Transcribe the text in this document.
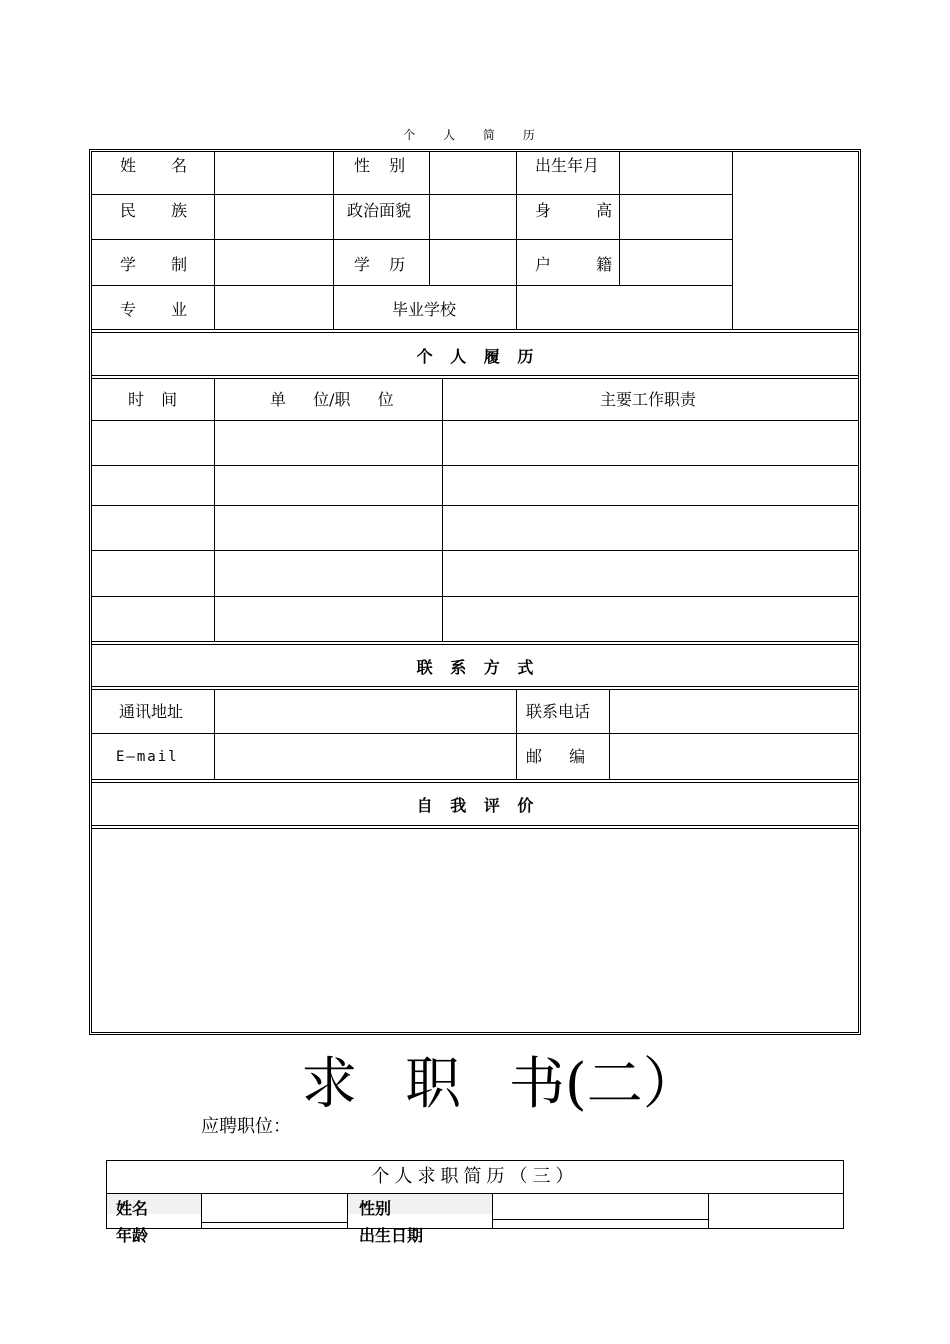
个 人 简 历
姓 名	性 别	出生年月
民 族	政治面貌	身 高
学 制	学 历	户 籍
专 业	毕业学校
个 人 履 历
时 间	单 位/职 位	主要工作职责
联 系 方 式
通讯地址	联系电话
E—mail	邮 编
自 我 评 价
求 职 书(二）
应聘职位：
个人求职简历（三）
姓名	性别
年龄	出生日期
